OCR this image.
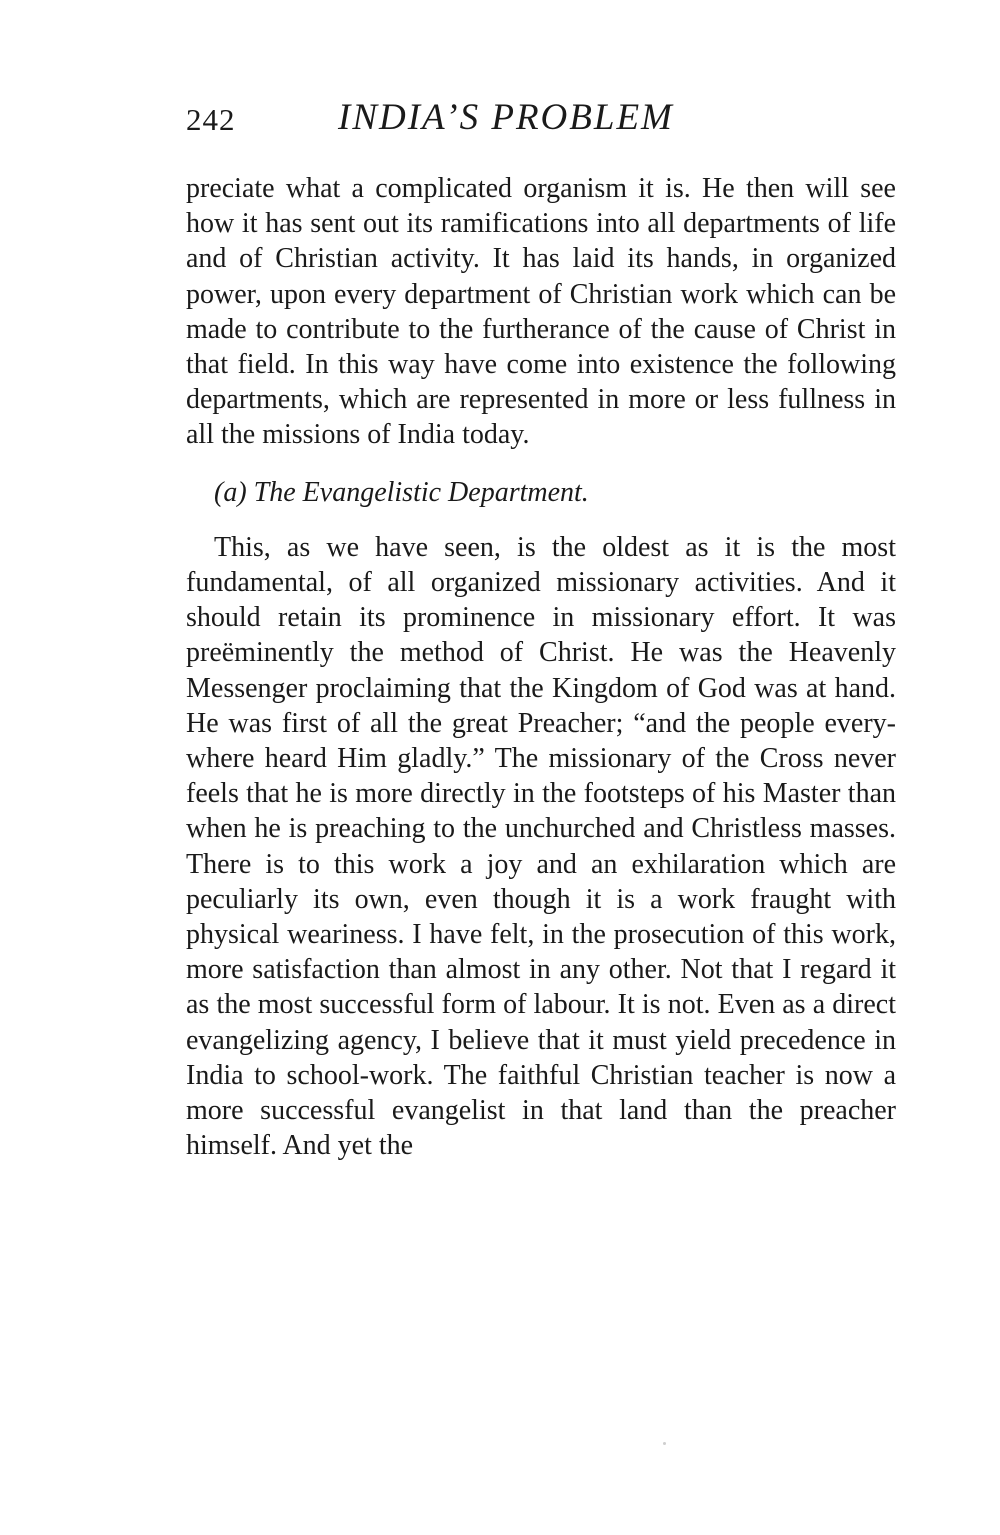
242	INDIA’S PROBLEM

preciate what a complicated organism it is. He then will see how it has sent out its ramifications into all departments of life and of Christian activity. It has laid its hands, in organized power, upon every department of Christian work which can be made to contribute to the furtherance of the cause of Christ in that field. In this way have come into existence the following departments, which are represented in more or less fullness in all the missions of India today.

(a) The Evangelistic Department.

This, as we have seen, is the oldest as it is the most fundamental, of all organized missionary activities. And it should retain its prominence in missionary effort. It was preëminently the method of Christ. He was the Heavenly Messenger proclaiming that the Kingdom of God was at hand. He was first of all the great Preacher; “and the people everywhere heard Him gladly.” The missionary of the Cross never feels that he is more directly in the footsteps of his Master than when he is preaching to the unchurched and Christless masses. There is to this work a joy and an exhilaration which are peculiarly its own, even though it is a work fraught with physical weariness. I have felt, in the prosecution of this work, more satisfaction than almost in any other. Not that I regard it as the most successful form of labour. It is not. Even as a direct evangelizing agency, I believe that it must yield precedence in India to school-work. The faithful Christian teacher is now a more successful evangelist in that land than the preacher himself. And yet the
